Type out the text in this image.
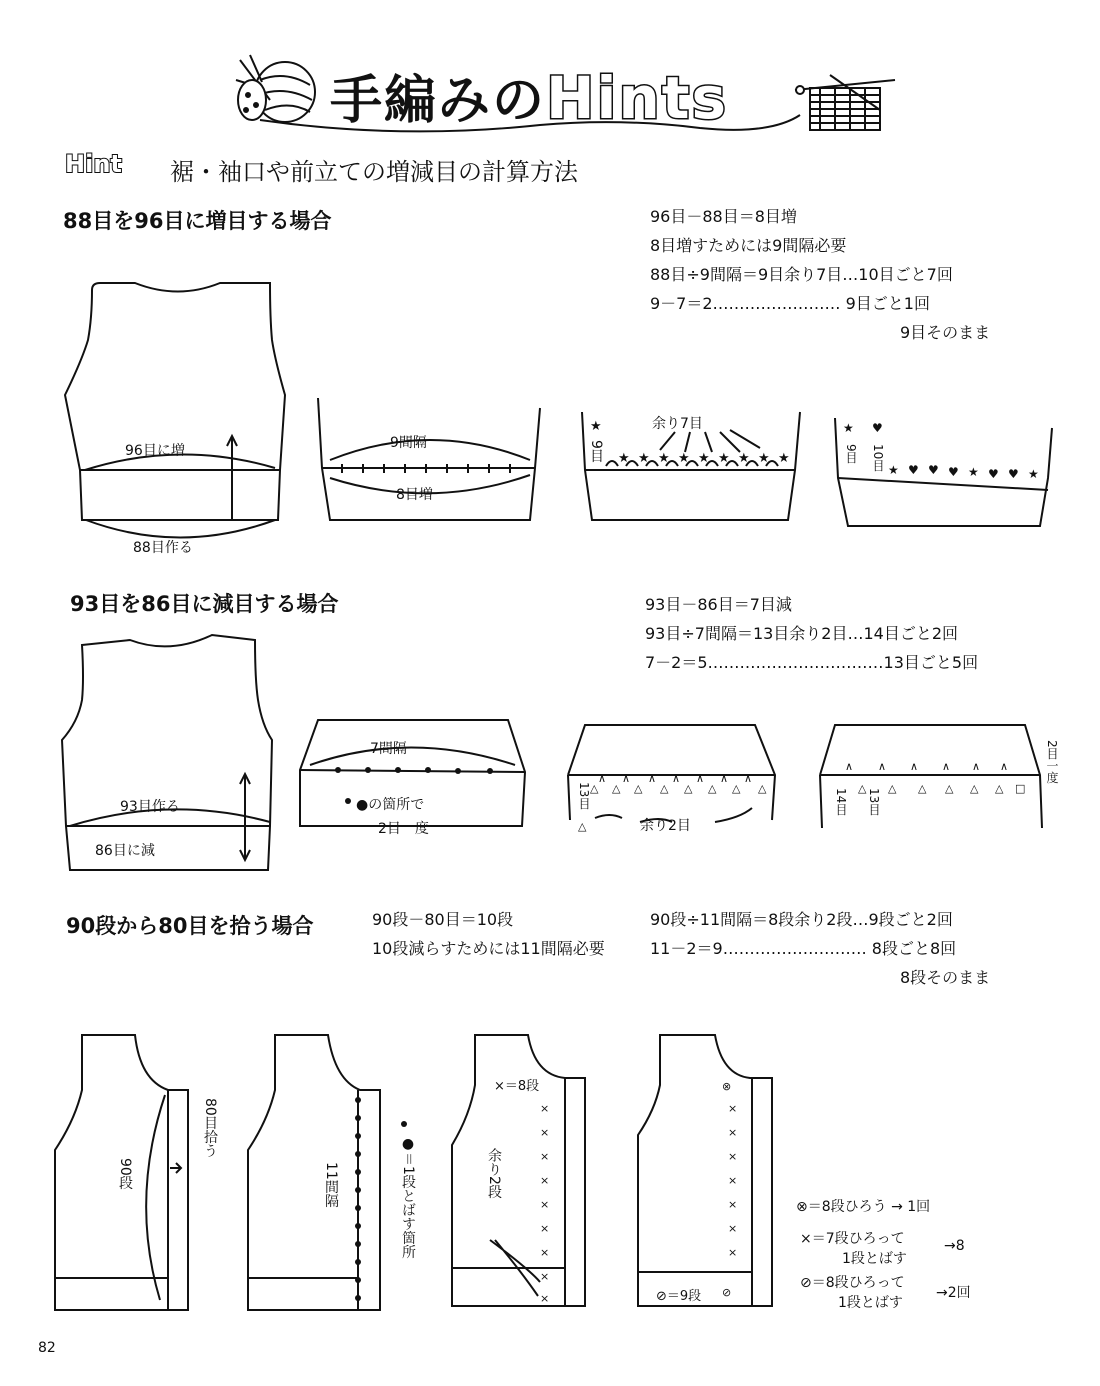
★
★ ★ ★ ★ ★ ★ ★ ★ ★
★ ♥
★ ♥ ♥ ♥ ★ ♥ ♥ ★
△ △ △ △ △ △ △ △
∧ ∧ ∧ ∧ ∧ ∧ ∧
△
∧ ∧ ∧ ∧ ∧ ∧
△ △ △ △ △ △ □
×
×
×
×
×
×
×
×
×
⊗
×
×
×
×
×
×
×
⊘
手編みのHints
Hint 裾・袖口や前立ての増減目の計算方法
88目を96目に増目する場合	96目－88目＝8目増
8目増すためには9間隔必要
88目÷9間隔＝9目余り7目…10目ごと7回
9－7＝2…………………… 9目ごと1回
9目そのまま
96目に増
88目作る
9間隔
8目増
余り7目
9目	9目 10目
93目を86目に減目する場合	93目－86目＝7目減
93目÷7間隔＝13目余り2目…14目ごと2回
7－2＝5……………………………13目ごと5回
93目作る
86目に減
7間隔
●の箇所で
2目一度	余り2目
13目	14目 13目
2目一度
90段から80目を拾う場合	90段－80目＝10段
10段減らすためには11間隔必要
90段÷11間隔＝8段余り2段…9段ごと2回
11－2＝9……………………… 8段ごと8回
8段そのまま
90段
80目拾う
11間隔	●＝1段とばす箇所
×＝8段
余り2段
⊘＝9段
⊗＝8段ひろう → 1回
×＝7段ひろって
1段とばす
→8
⊘＝8段ひろって
1段とばす
→2回
82
